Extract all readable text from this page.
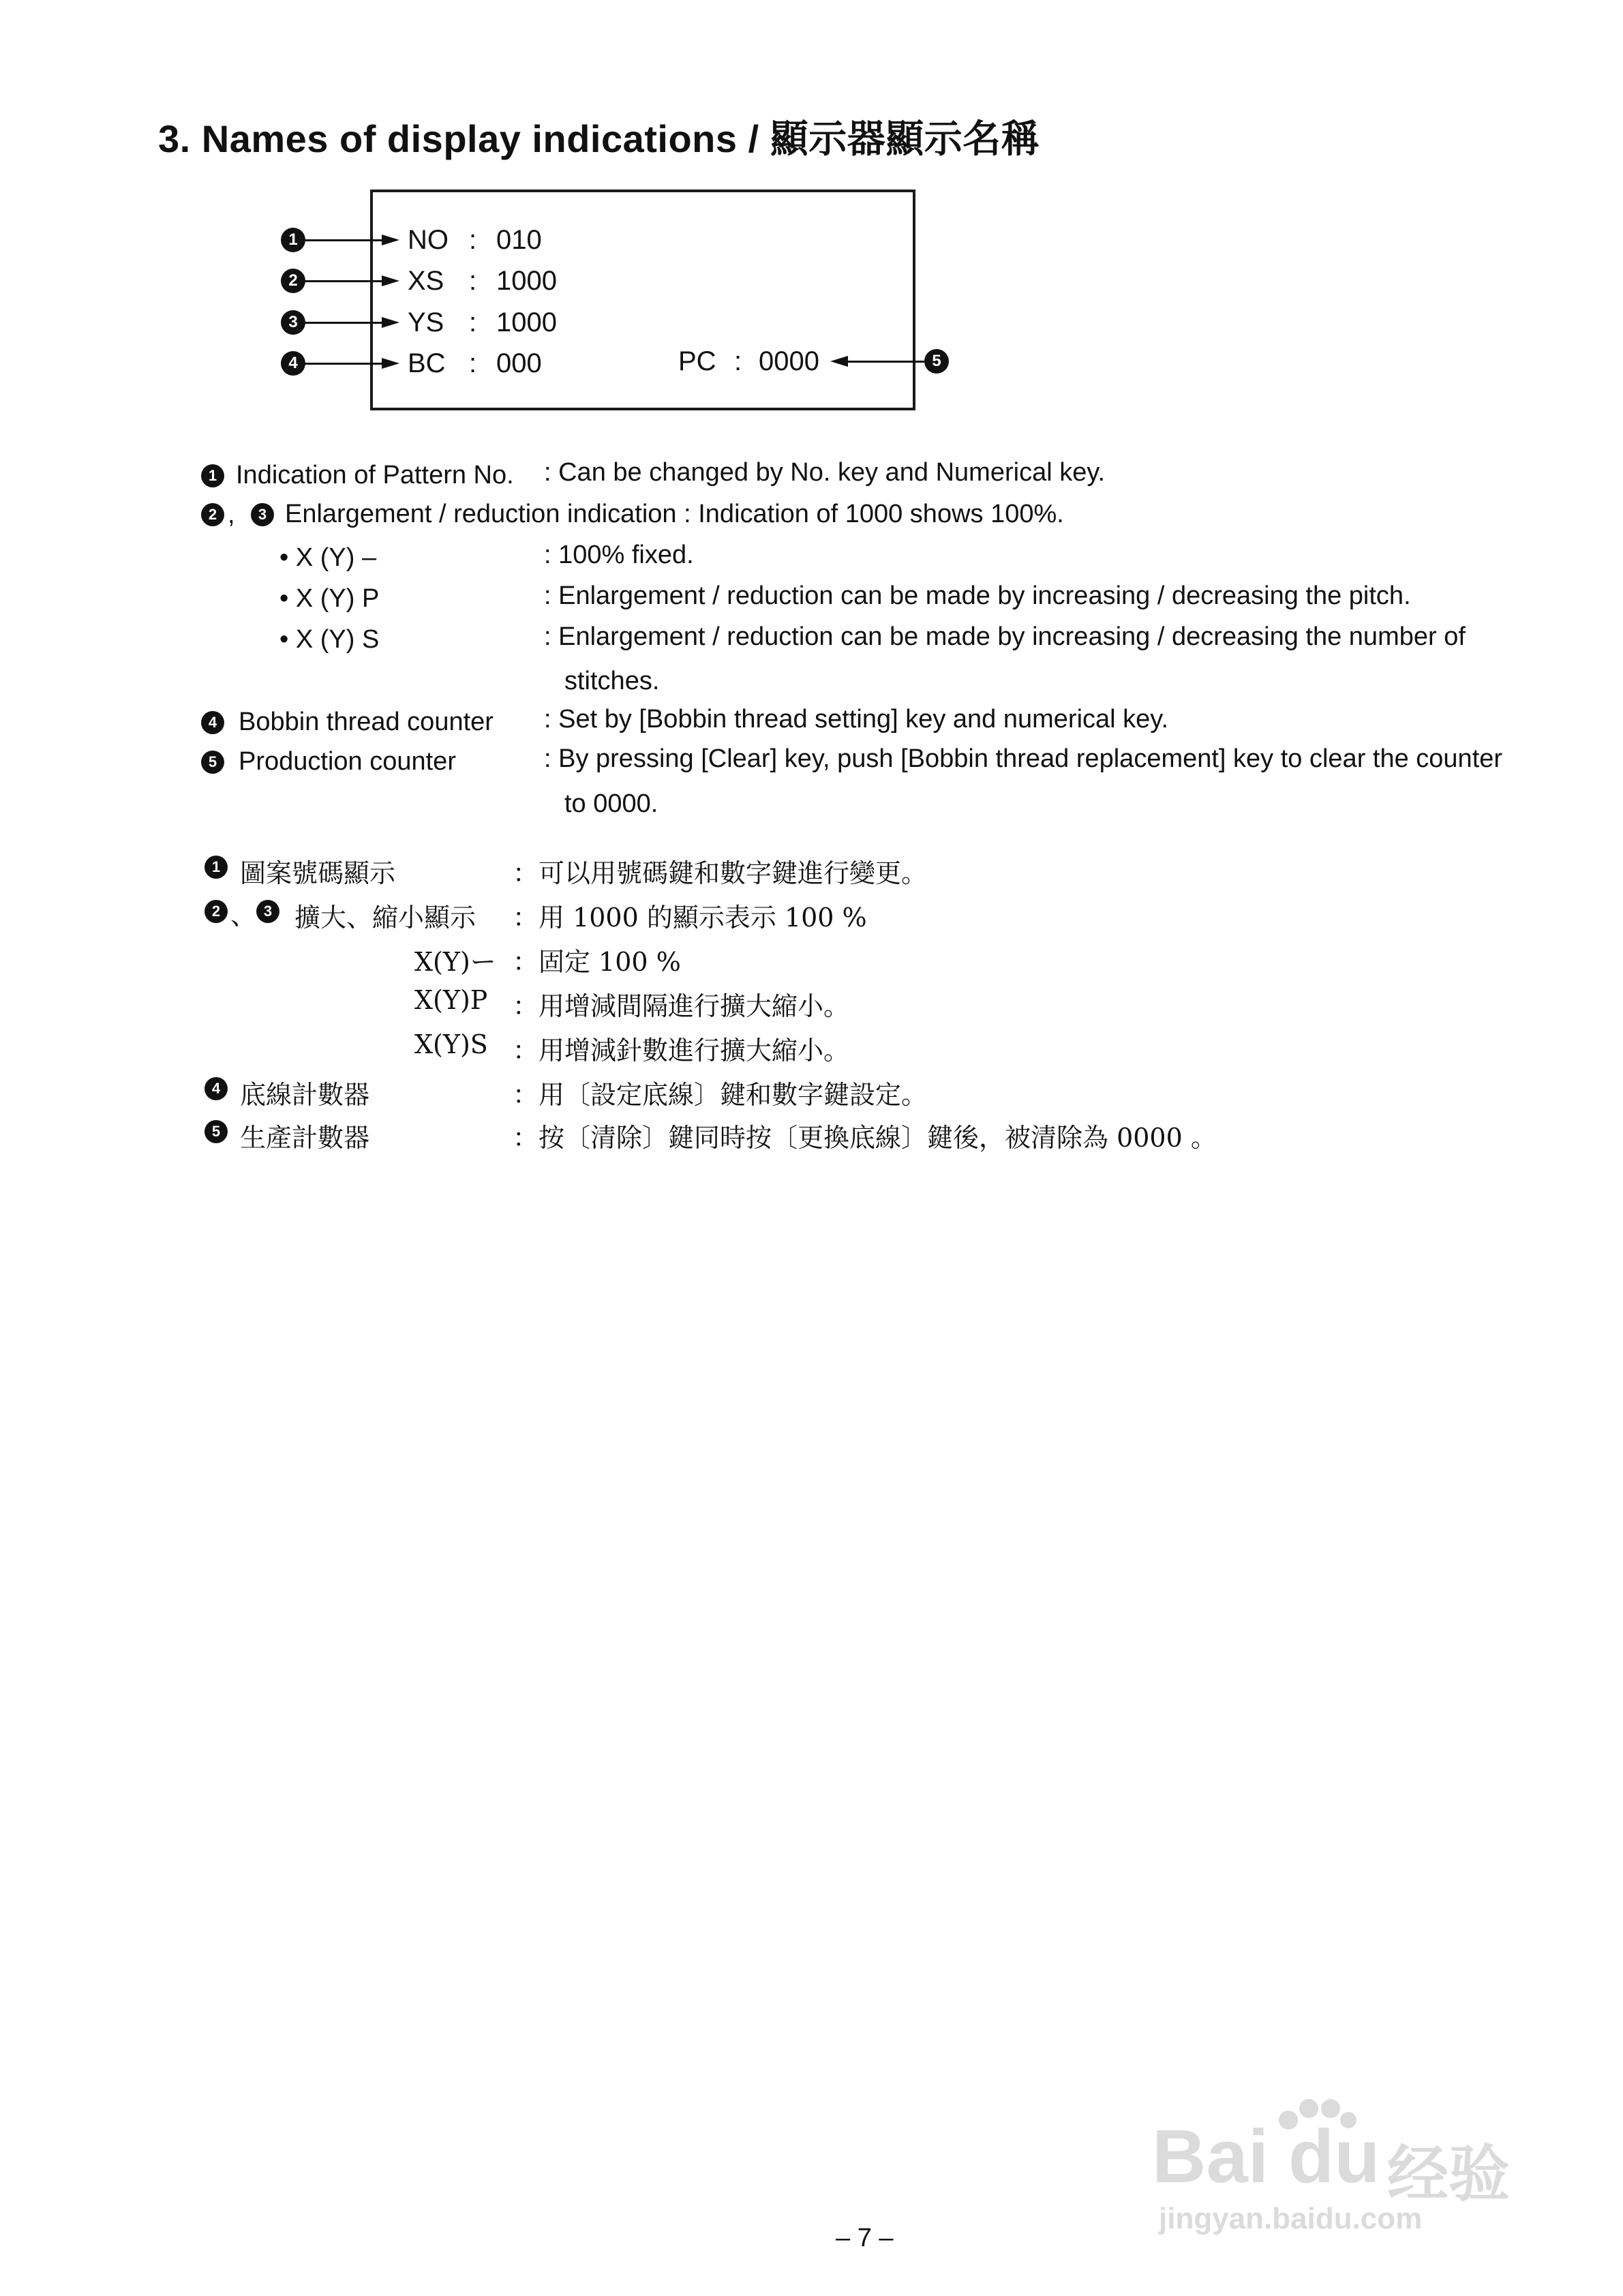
3. Names of display indications / 顯示器顯示名稱
1	NO : 010
2	XS : 1000
3	YS : 1000
4	BC : 000	PC : 0000	5
1 Indication of Pattern No. : Can be changed by No. key and Numerical key.
2 ,	3 Enlargement / reduction indication : Indication of 1000 shows 100%.
• X (Y) –	: 100% fixed.
• X (Y) P	: Enlargement / reduction can be made by increasing / decreasing the pitch.
• X (Y) S	: Enlargement / reduction can be made by increasing / decreasing the number of
stitches.
4 Bobbin thread counter : Set by [Bobbin thread setting] key and numerical key.
5 Production counter	: By pressing [Clear] key, push [Bobbin thread replacement] key to clear the counter
to 0000.
1 圖案號碼顯示	：可以用號碼鍵和數字鍵進行變更。
2 、 3 擴大、縮小顯示 ：用 1000 的顯示表示 100 %
X(Y)ー ：固定 100 %
X(Y)P ：用增減間隔進行擴大縮小。
X(Y)S ：用增減針數進行擴大縮小。
4 底線計數器	：用〔設定底線〕鍵和數字鍵設定。
5 生產計數器	：按〔清除〕鍵同時按〔更換底線〕鍵後，被清除為 0000 。
– 7 –
Bai du 经验
jingyan.baidu.com
